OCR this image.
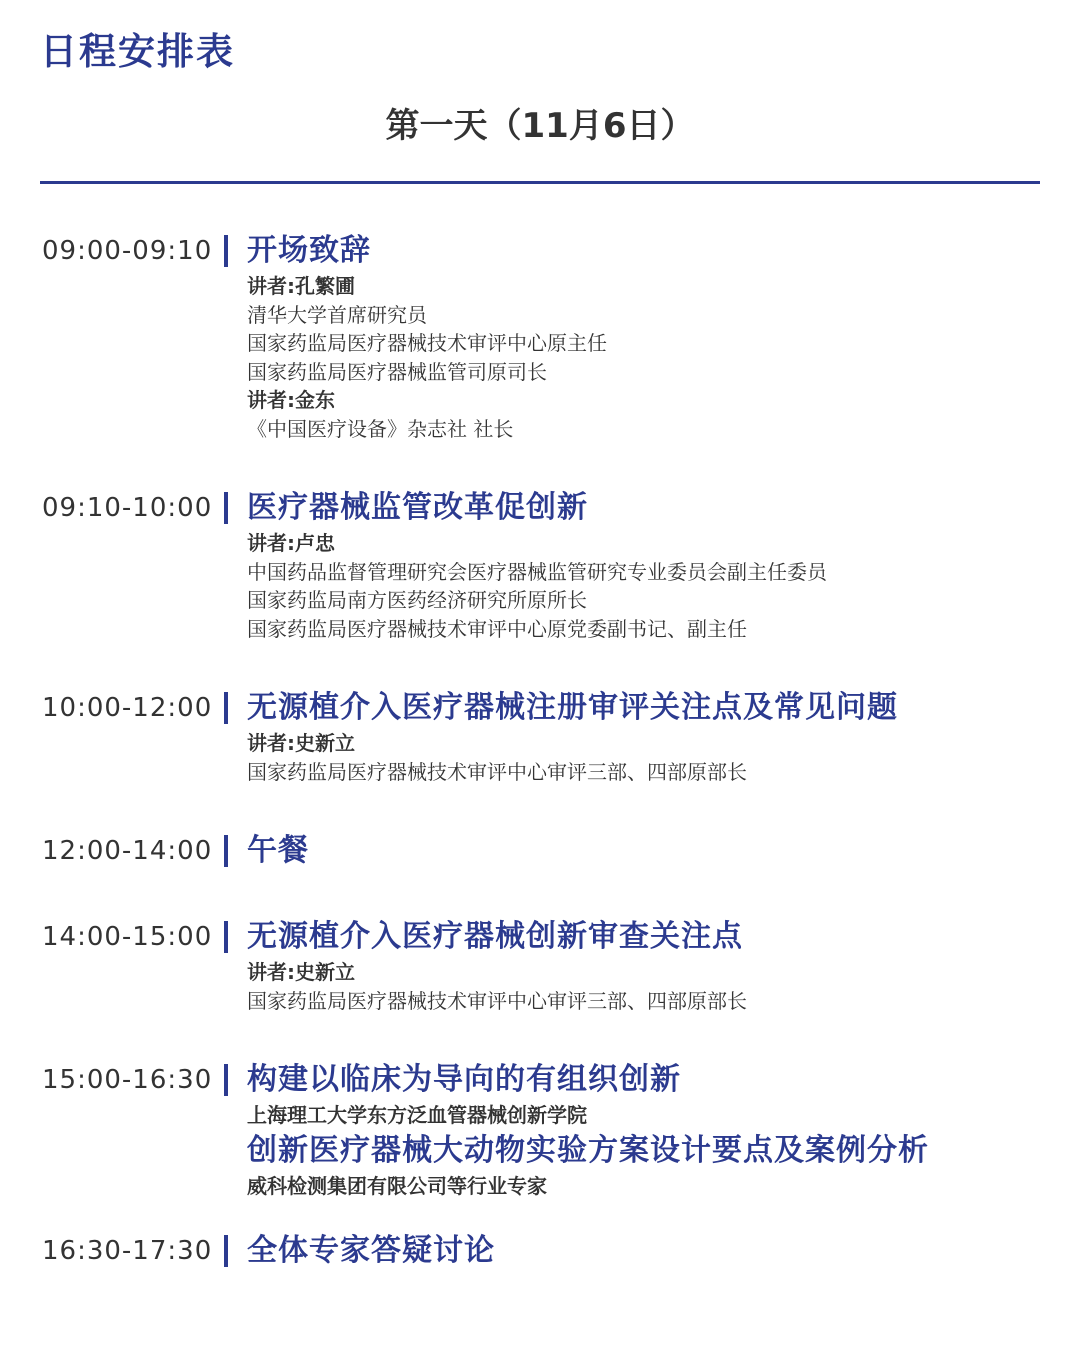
日程安排表
第一天（11月6日）
09:00-09:10 开场致辞
讲者:孔繁圃
清华大学首席研究员
国家药监局医疗器械技术审评中心原主任
国家药监局医疗器械监管司原司长
讲者:金东
《中国医疗设备》杂志社 社长
09:10-10:00 医疗器械监管改革促创新
讲者:卢忠
中国药品监督管理研究会医疗器械监管研究专业委员会副主任委员
国家药监局南方医药经济研究所原所长
国家药监局医疗器械技术审评中心原党委副书记、副主任
10:00-12:00 无源植介入医疗器械注册审评关注点及常见问题
讲者:史新立
国家药监局医疗器械技术审评中心审评三部、四部原部长
12:00-14:00 午餐
14:00-15:00 无源植介入医疗器械创新审查关注点
讲者:史新立
国家药监局医疗器械技术审评中心审评三部、四部原部长
15:00-16:30 构建以临床为导向的有组织创新
上海理工大学东方泛血管器械创新学院
创新医疗器械大动物实验方案设计要点及案例分析
威科检测集团有限公司等行业专家
16:30-17:30 全体专家答疑讨论
